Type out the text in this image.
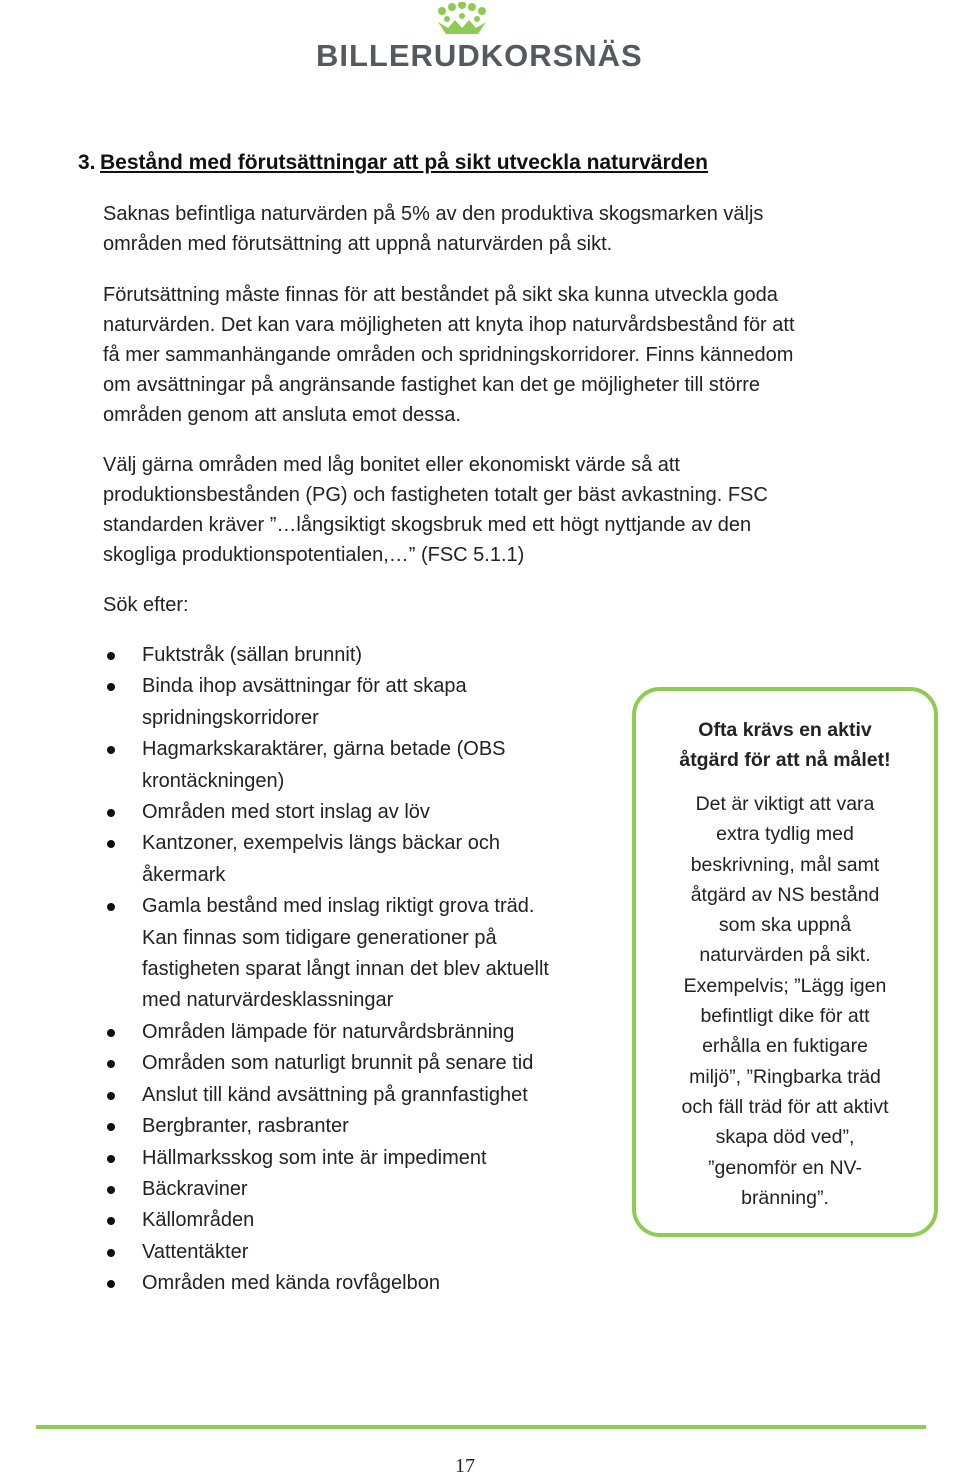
BILLERUDKORSNÄS
3. Bestånd med förutsättningar att på sikt utveckla naturvärden
Saknas befintliga naturvärden på 5% av den produktiva skogsmarken väljs
områden med förutsättning att uppnå naturvärden på sikt.
Förutsättning måste finnas för att beståndet på sikt ska kunna utveckla goda
naturvärden. Det kan vara möjligheten att knyta ihop naturvårdsbestånd för att
få mer sammanhängande områden och spridningskorridorer. Finns kännedom
om avsättningar på angränsande fastighet kan det ge möjligheter till större
områden genom att ansluta emot dessa.
Välj gärna områden med låg bonitet eller ekonomiskt värde så att
produktionsbestånden (PG) och fastigheten totalt ger bäst avkastning. FSC
standarden kräver ”…långsiktigt skogsbruk med ett högt nyttjande av den
skogliga produktionspotentialen,…” (FSC 5.1.1)
Sök efter:
Fuktstråk (sällan brunnit)
Binda ihop avsättningar för att skapa
spridningskorridorer
Hagmarkskaraktärer, gärna betade (OBS
krontäckningen)
Områden med stort inslag av löv
Kantzoner, exempelvis längs bäckar och
åkermark
Gamla bestånd med inslag riktigt grova träd.
Kan finnas som tidigare generationer på
fastigheten sparat långt innan det blev aktuellt
med naturvärdesklassningar
Områden lämpade för naturvårdsbränning
Områden som naturligt brunnit på senare tid
Anslut till känd avsättning på grannfastighet
Bergbranter, rasbranter
Hällmarksskog som inte är impediment
Bäckraviner
Källområden
Vattentäkter
Områden med kända rovfågelbon
Ofta krävs en aktiv
åtgärd för att nå målet!
Det är viktigt att vara
extra tydlig med
beskrivning, mål samt
åtgärd av NS bestånd
som ska uppnå
naturvärden på sikt.
Exempelvis; ”Lägg igen
befintligt dike för att
erhålla en fuktigare
miljö”, ”Ringbarka träd
och fäll träd för att aktivt
skapa död ved”,
”genomför en NV-
bränning”.
17
